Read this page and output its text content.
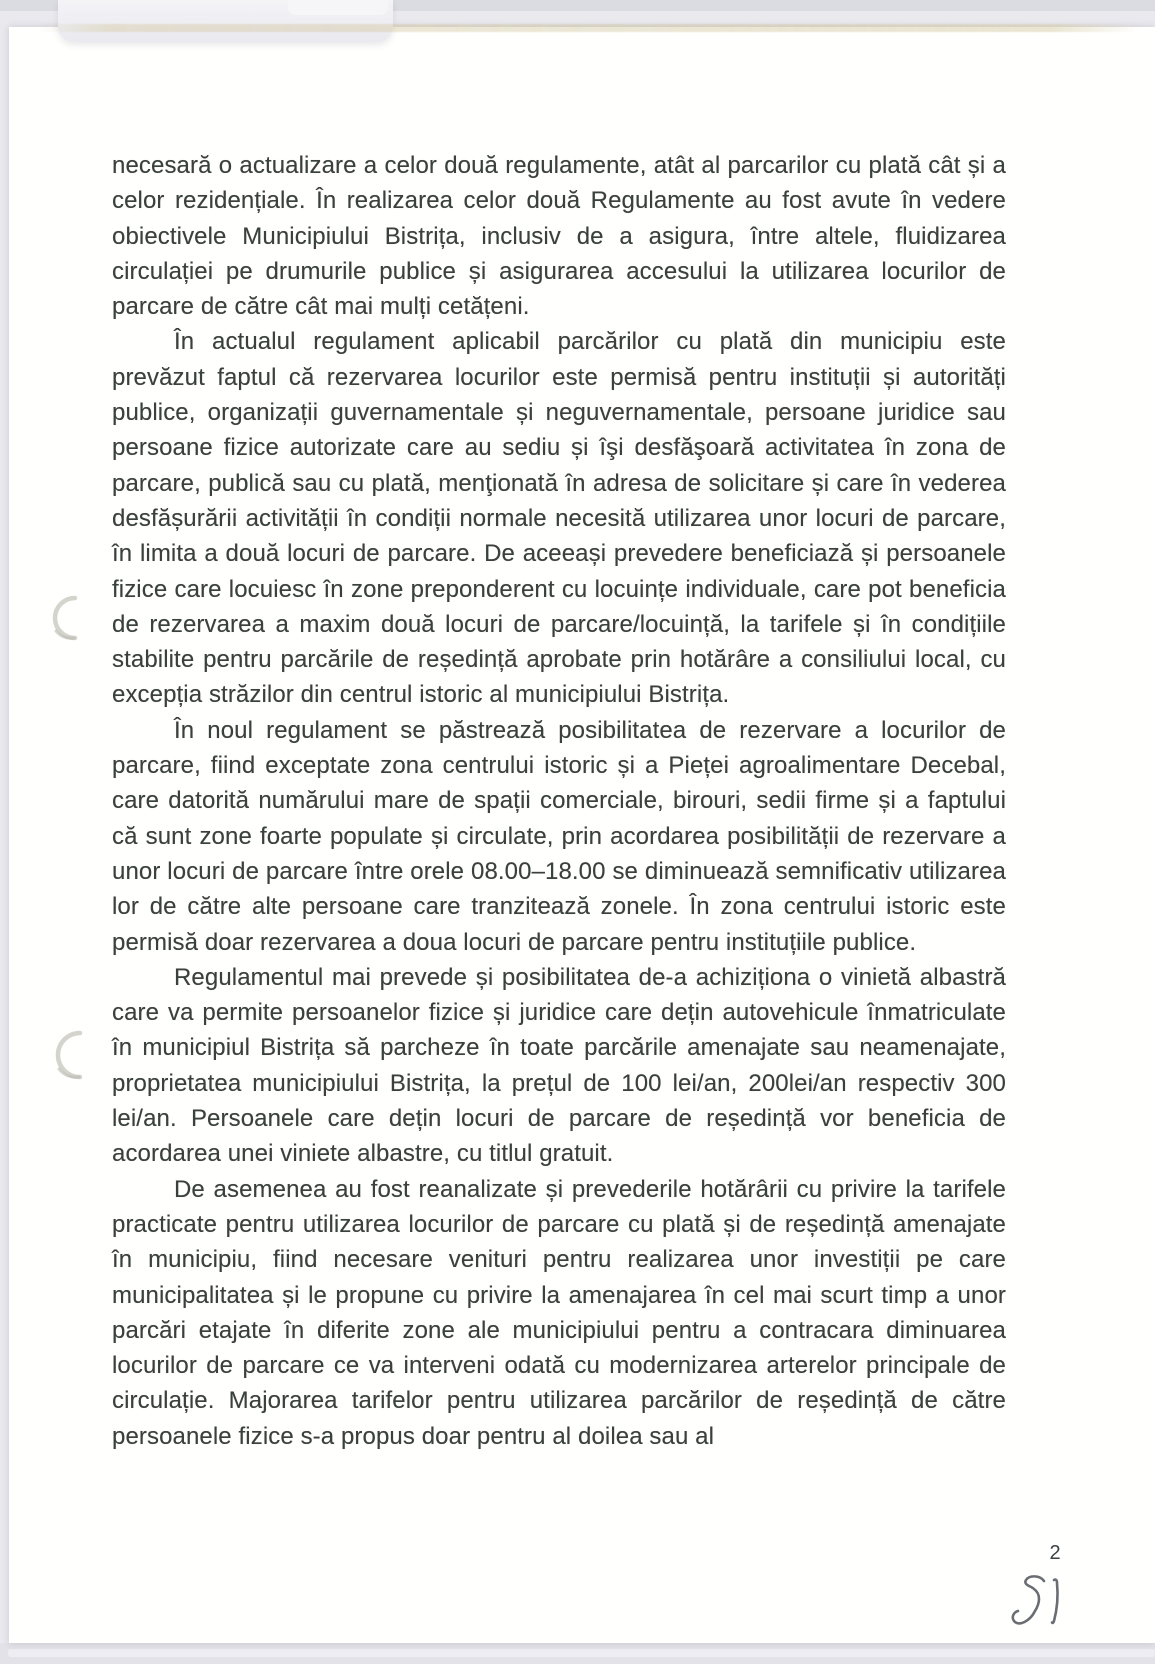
necesară o actualizare a celor două regulamente, atât al parcarilor cu plată cât și a celor rezidențiale. În realizarea celor două Regulamente au fost avute în vedere obiectivele Municipiului Bistrița, inclusiv de a asigura, între altele, fluidizarea circulației pe drumurile publice și asigurarea accesului la utilizarea locurilor de parcare de către cât mai mulți cetățeni.

În actualul regulament aplicabil parcărilor cu plată din municipiu este prevăzut faptul că rezervarea locurilor este permisă pentru instituții și autorități publice, organizații guvernamentale și neguvernamentale, persoane juridice sau persoane fizice autorizate care au sediu și îşi desfăşoară activitatea în zona de parcare, publică sau cu plată, menţionată în adresa de solicitare și care în vederea desfășurării activității în condiții normale necesită utilizarea unor locuri de parcare, în limita a două locuri de parcare. De aceeași prevedere beneficiază și persoanele fizice care locuiesc în zone preponderent cu locuințe individuale, care pot beneficia de rezervarea a maxim două locuri de parcare/locuință, la tarifele și în condițiile stabilite pentru parcările de reședință aprobate prin hotărâre a consiliului local, cu excepția străzilor din centrul istoric al municipiului Bistrița.

În noul regulament se păstrează posibilitatea de rezervare a locurilor de parcare, fiind exceptate zona centrului istoric și a Pieței agroalimentare Decebal, care datorită numărului mare de spații comerciale, birouri, sedii firme și a faptului că sunt zone foarte populate și circulate, prin acordarea posibilității de rezervare a unor locuri de parcare între orele 08.00–18.00 se diminuează semnificativ utilizarea lor de către alte persoane care tranzitează zonele. În zona centrului istoric este permisă doar rezervarea a doua locuri de parcare pentru instituțiile publice.

Regulamentul mai prevede și posibilitatea de-a achiziționa o vinietă albastră care va permite persoanelor fizice și juridice care dețin autovehicule înmatriculate în municipiul Bistrița să parcheze în toate parcările amenajate sau neamenajate, proprietatea municipiului Bistrița, la prețul de 100 lei/an, 200lei/an respectiv 300 lei/an. Persoanele care dețin locuri de parcare de reședință vor beneficia de acordarea unei viniete albastre, cu titlul gratuit.

De asemenea au fost reanalizate și prevederile hotărârii cu privire la tarifele practicate pentru utilizarea locurilor de parcare cu plată și de reședință amenajate în municipiu, fiind necesare venituri pentru realizarea unor investiții pe care municipalitatea și le propune cu privire la amenajarea în cel mai scurt timp a unor parcări etajate în diferite zone ale municipiului pentru a contracara diminuarea locurilor de parcare ce va interveni odată cu modernizarea arterelor principale de circulație. Majorarea tarifelor pentru utilizarea parcărilor de reședință de către persoanele fizice s-a propus doar pentru al doilea sau al

2
